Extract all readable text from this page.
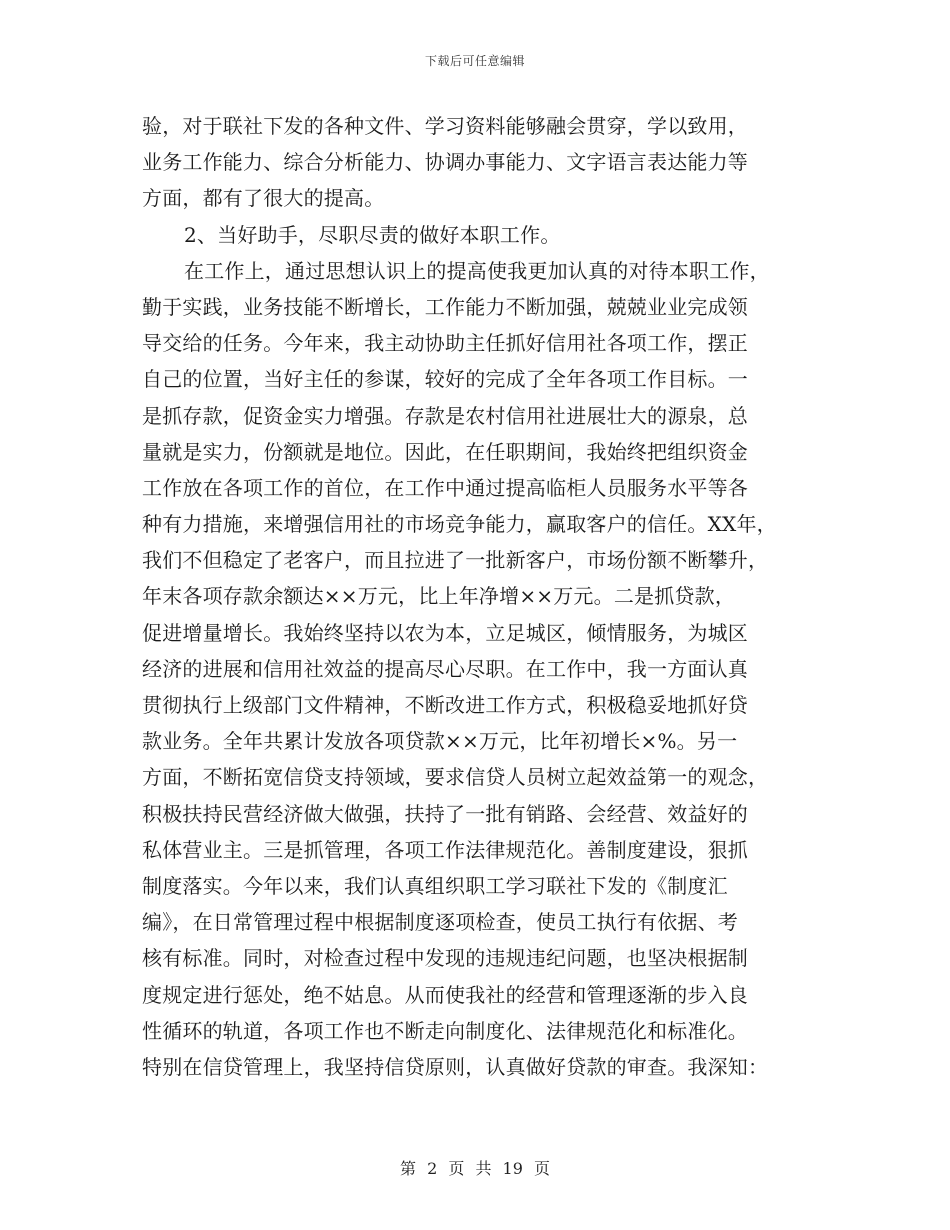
下载后可任意编辑
验，对于联社下发的各种文件、学习资料能够融会贯穿，学以致用，
业务工作能力、综合分析能力、协调办事能力、文字语言表达能力等
方面，都有了很大的提高。
2、当好助手，尽职尽责的做好本职工作。
在工作上，通过思想认识上的提高使我更加认真的对待本职工作，
勤于实践，业务技能不断增长，工作能力不断加强，兢兢业业完成领
导交给的任务。今年来，我主动协助主任抓好信用社各项工作，摆正
自己的位置，当好主任的参谋，较好的完成了全年各项工作目标。一
是抓存款，促资金实力增强。存款是农村信用社进展壮大的源泉，总
量就是实力，份额就是地位。因此，在任职期间，我始终把组织资金
工作放在各项工作的首位，在工作中通过提高临柜人员服务水平等各
种有力措施，来增强信用社的市场竞争能力，赢取客户的信任。XX年，
我们不但稳定了老客户，而且拉进了一批新客户，市场份额不断攀升，
年末各项存款余额达××万元，比上年净增××万元。二是抓贷款，
促进增量增长。我始终坚持以农为本，立足城区，倾情服务，为城区
经济的进展和信用社效益的提高尽心尽职。在工作中，我一方面认真
贯彻执行上级部门文件精神，不断改进工作方式，积极稳妥地抓好贷
款业务。全年共累计发放各项贷款××万元，比年初增长×%。另一
方面，不断拓宽信贷支持领域，要求信贷人员树立起效益第一的观念，
积极扶持民营经济做大做强，扶持了一批有销路、会经营、效益好的
私体营业主。三是抓管理，各项工作法律规范化。善制度建设，狠抓
制度落实。今年以来，我们认真组织职工学习联社下发的《制度汇
编》，在日常管理过程中根据制度逐项检查，使员工执行有依据、考
核有标准。同时，对检查过程中发现的违规违纪问题，也坚决根据制
度规定进行惩处，绝不姑息。从而使我社的经营和管理逐渐的步入良
性循环的轨道，各项工作也不断走向制度化、法律规范化和标准化。
特别在信贷管理上，我坚持信贷原则，认真做好贷款的审查。我深知：
第 2 页 共 19 页
